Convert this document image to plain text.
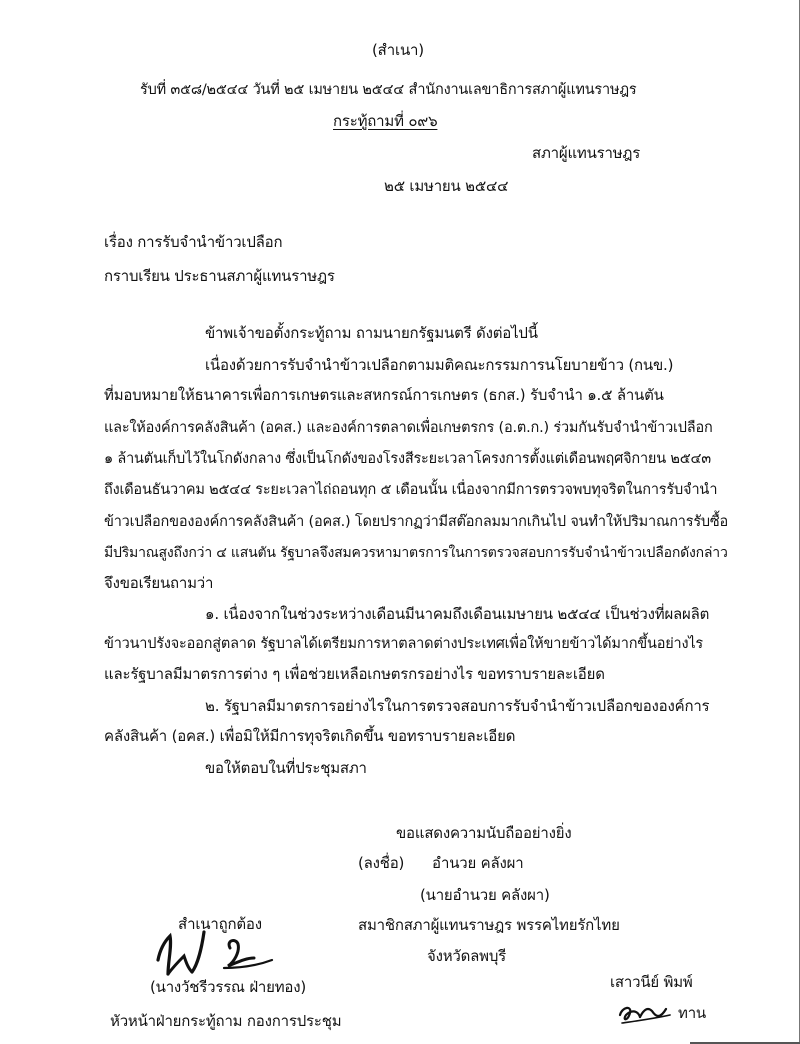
(สำเนา)
รับที่ ๓๕๘/๒๕๔๔ วันที่ ๒๕ เมษายน ๒๕๔๔ สำนักงานเลขาธิการสภาผู้แทนราษฎร
กระทู้ถามที่ ๐๙๖
สภาผู้แทนราษฎร
๒๕ เมษายน ๒๕๔๔
เรื่อง การรับจำนำข้าวเปลือก
กราบเรียน ประธานสภาผู้แทนราษฎร
ข้าพเจ้าขอตั้งกระทู้ถาม ถามนายกรัฐมนตรี ดังต่อไปนี้
เนื่องด้วยการรับจำนำข้าวเปลือกตามมติคณะกรรมการนโยบายข้าว (กนข.)
ที่มอบหมายให้ธนาคารเพื่อการเกษตรและสหกรณ์การเกษตร (ธกส.) รับจำนำ ๑.๕ ล้านตัน
และให้องค์การคลังสินค้า (อคส.) และองค์การตลาดเพื่อเกษตรกร (อ.ต.ก.) ร่วมกันรับจำนำข้าวเปลือก
๑ ล้านตันเก็บไว้ในโกดังกลาง ซึ่งเป็นโกดังของโรงสีระยะเวลาโครงการตั้งแต่เดือนพฤศจิกายน ๒๕๔๓
ถึงเดือนธันวาคม ๒๕๔๔ ระยะเวลาไถ่ถอนทุก ๕ เดือนนั้น เนื่องจากมีการตรวจพบทุจริตในการรับจำนำ
ข้าวเปลือกขององค์การคลังสินค้า (อคส.) โดยปรากฏว่ามีสต๊อกลมมากเกินไป จนทำให้ปริมาณการรับซื้อ
มีปริมาณสูงถึงกว่า ๔ แสนตัน รัฐบาลจึงสมควรหามาตรการในการตรวจสอบการรับจำนำข้าวเปลือกดังกล่าว
จึงขอเรียนถามว่า
๑. เนื่องจากในช่วงระหว่างเดือนมีนาคมถึงเดือนเมษายน ๒๕๔๔ เป็นช่วงที่ผลผลิต
ข้าวนาปรังจะออกสู่ตลาด รัฐบาลได้เตรียมการหาตลาดต่างประเทศเพื่อให้ขายข้าวได้มากขึ้นอย่างไร
และรัฐบาลมีมาตรการต่าง ๆ เพื่อช่วยเหลือเกษตรกรอย่างไร ขอทราบรายละเอียด
๒. รัฐบาลมีมาตรการอย่างไรในการตรวจสอบการรับจำนำข้าวเปลือกขององค์การ
คลังสินค้า (อคส.) เพื่อมิให้มีการทุจริตเกิดขึ้น ขอทราบรายละเอียด
ขอให้ตอบในที่ประชุมสภา
ขอแสดงความนับถืออย่างยิ่ง
(ลงชื่อ) อำนวย คลังผา
(นายอำนวย คลังผา)
สมาชิกสภาผู้แทนราษฎร พรรคไทยรักไทย
จังหวัดลพบุรี
สำเนาถูกต้อง
(นางวัชรีวรรณ ฝ่ายทอง)
หัวหน้าฝ่ายกระทู้ถาม กองการประชุม
เสาวนีย์ พิมพ์
ทาน
